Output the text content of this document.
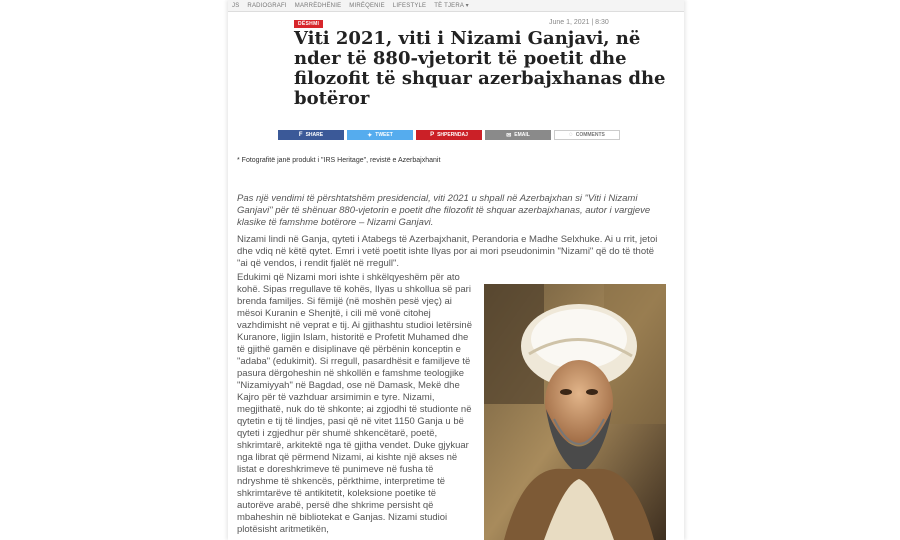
JS RADIOGRAFI MARRËDHËNIE MIRËQENIE LIFESTYLE TË TJERA ▾
DËSHMI	June 1, 2021 | 8:30
Viti 2021, viti i Nizami Ganjavi, në nder të 880-vjetorit të poetit dhe filozofit të shquar azerbajxhanas dhe botëror
F SHARE	✦ TWEET	P SHPERNDAJ	✉ EMAIL	◌ COMMENTS
* Fotografitë janë produkt i "IRS Heritage", revistë e Azerbajxhanit
Pas një vendimi të përshtatshëm presidencial, viti 2021 u shpall në Azerbajxhan si "Viti i Nizami Ganjavi" për të shënuar 880-vjetorin e poetit dhe filozofit të shquar azerbajxhanas, autor i vargjeve klasike të famshme botërore – Nizami Ganjavi.

Nizami lindi në Ganja, qyteti i Atabegs të Azerbajxhanit, Perandoria e Madhe Selxhuke. Ai u rrit, jetoi dhe vdiq në këtë qytet. Emri i vetë poetit ishte Ilyas por ai mori pseudonimin "Nizami" që do të thotë "ai që vendos, i rendit fjalët në rregull".

Edukimi që Nizami mori ishte i shkëlqyeshëm për ato kohë. Sipas rregullave të kohës, Ilyas u shkollua së pari brenda familjes. Si fëmijë (në moshën pesë vjeç) ai mësoi Kuranin e Shenjtë, i cili më vonë citohej vazhdimisht në veprat e tij. Ai gjithashtu studioi letërsinë Kuranore, ligjin Islam, historitë e Profetit Muhamed dhe të gjithë gamën e disiplinave që përbënin konceptin e "adaba" (edukimit). Si rregull, pasardhësit e familjeve të pasura dërgoheshin në shkollën e famshme teologjike "Nizamiyyah" në Bagdad, ose në Damask, Mekë dhe Kajro për të vazhduar arsimimin e tyre. Nizami, megjithatë, nuk do të shkonte; ai zgjodhi të studionte në qytetin e tij të lindjes, pasi që në vitet 1150 Ganja u bë qyteti i zgjedhur për shumë shkencëtarë, poetë, shkrimtarë, arkitektë nga të gjitha vendet. Duke gjykuar nga librat që përmend Nizami, ai kishte një akses në listat e doreshkrimeve të punimeve në fusha të ndryshme të shkencës, përkthime, interpretime të shkrimtarëve të antikitetit, koleksione poetike të autorëve arabë, persë dhe shkrime persisht që mbaheshin në bibliotekat e Ganjas. Nizami studioi plotësisht aritmetikën,
